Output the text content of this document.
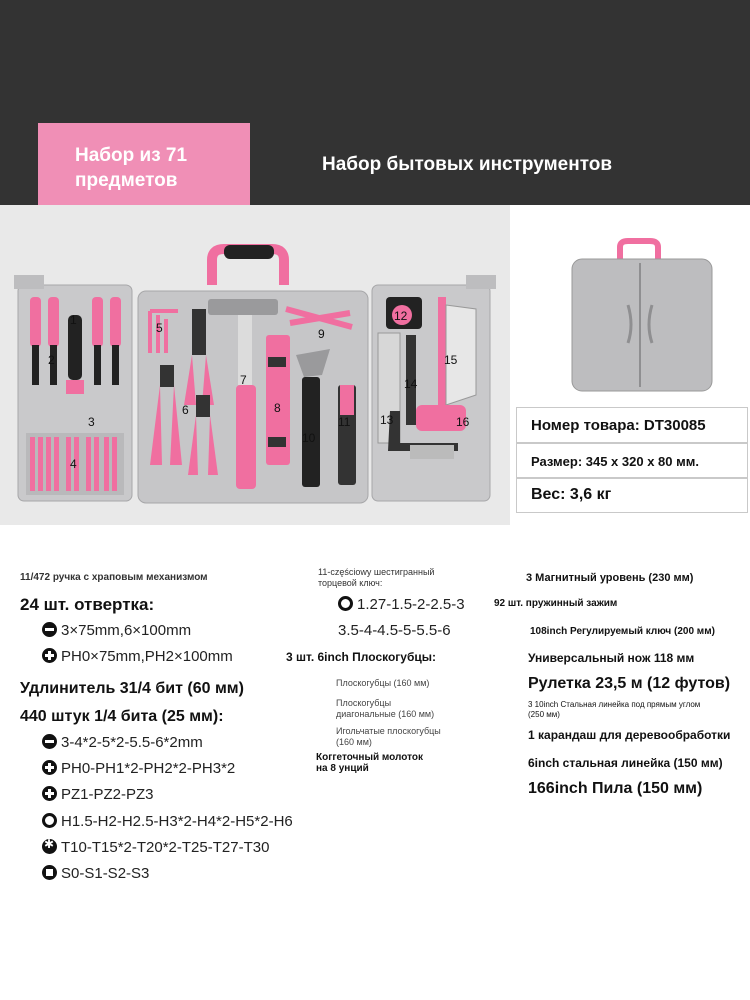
Набор из 71
предметов
Набор бытовых инструментов
1
2
3
4
5
6
7
8
9
10
11
12
13
14
15
16	Номер товара: DT30085
Размер: 345 x 320 x 80 мм.
Вес: 3,6 кг
11/472 ручка с храповым механизмом
24 шт. отвертка:
3×75mm,6×100mm
PH0×75mm,PH2×100mm
Удлинитель 31/4 бит (60 мм)
440 штук 1/4 бита (25 мм):
3-4*2-5*2-5.5-6*2mm
PH0-PH1*2-PH2*2-PH3*2
PZ1-PZ2-PZ3
H1.5-H2-H2.5-H3*2-H4*2-H5*2-H6
✱T10-T15*2-T20*2-T25-T27-T30
S0-S1-S2-S3
11-częściowy шестигранный
торцевой ключ:
1.27-1.5-2-2.5-3
3.5-4-4.5-5-5.5-6
3 шт. 6inch Плоскогубцы:
Плоскогубцы (160 мм)
Плоскогубцы
диагональные (160 мм)
Игольчатые плоскогубцы
(160 мм)
Коггеточный молоток
на 8 унций
3 Магнитный уровень (230 мм)
92 шт. пружинный зажим
108inch Регулируемый ключ (200 мм)
Универсальный нож 118 мм
Рулетка 23,5 м (12 футов)
3 10inch Стальная линейка под прямым углом
(250 мм)
1 карандаш для деревообработки
6inch стальная линейка (150 мм)
166inch Пила (150 мм)
